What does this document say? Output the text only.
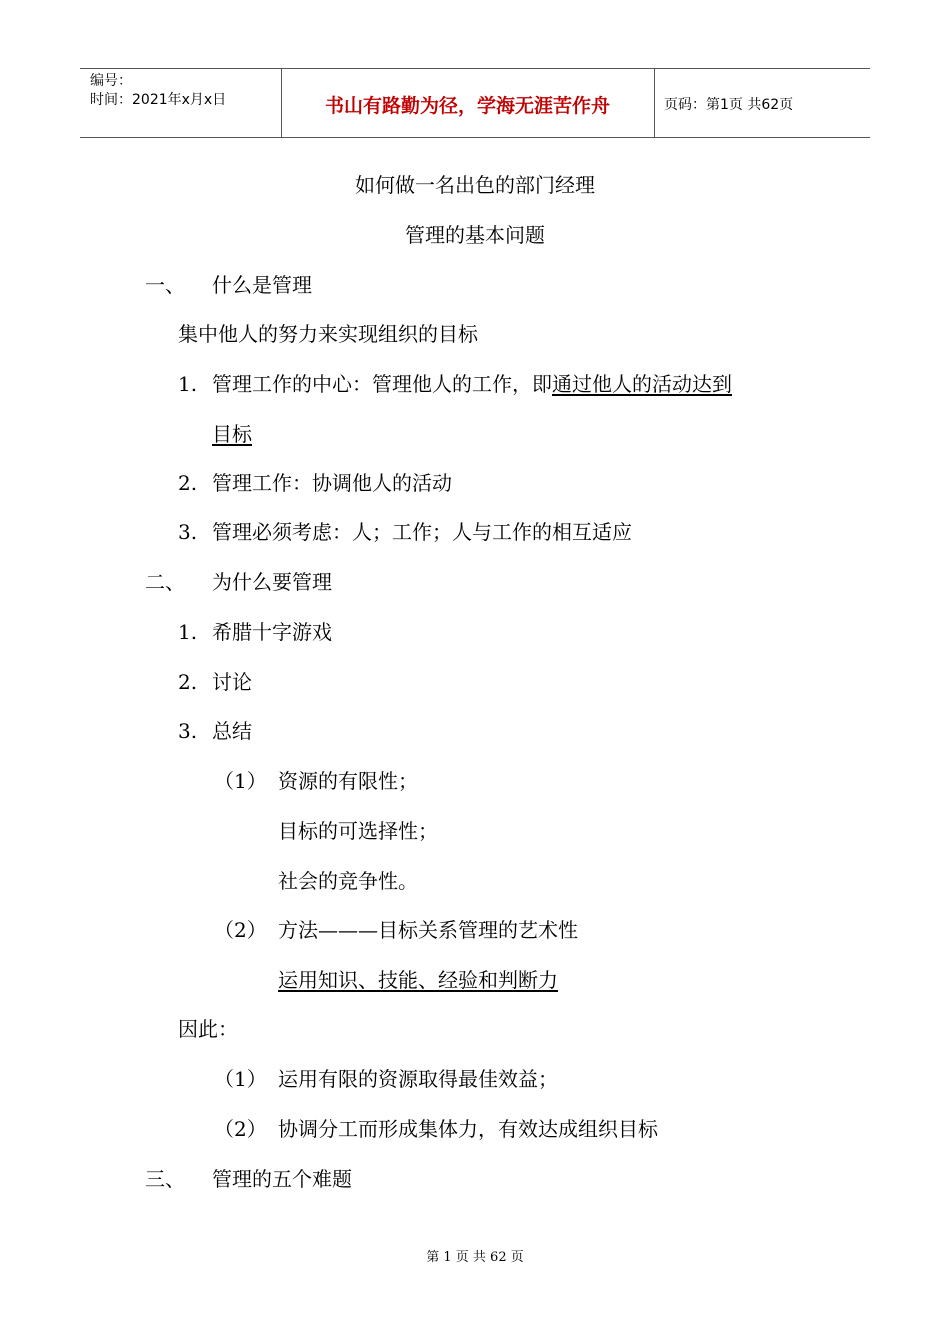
编号：
时间：2021年x月x日	书山有路勤为径，学海无涯苦作舟	页码：第1页 共62页
如何做一名出色的部门经理
管理的基本问题
一、 什么是管理
集中他人的努力来实现组织的目标
1. 管理工作的中心：管理他人的工作，即通过他人的活动达到
目标
2. 管理工作：协调他人的活动
3. 管理必须考虑：人；工作；人与工作的相互适应
二、 为什么要管理
1. 希腊十字游戏
2. 讨论
3. 总结
（1） 资源的有限性；
目标的可选择性；
社会的竞争性。
（2） 方法———目标关系管理的艺术性
运用知识、技能、经验和判断力
因此：
（1） 运用有限的资源取得最佳效益；
（2） 协调分工而形成集体力，有效达成组织目标
三、 管理的五个难题
第 1 页 共 62 页
